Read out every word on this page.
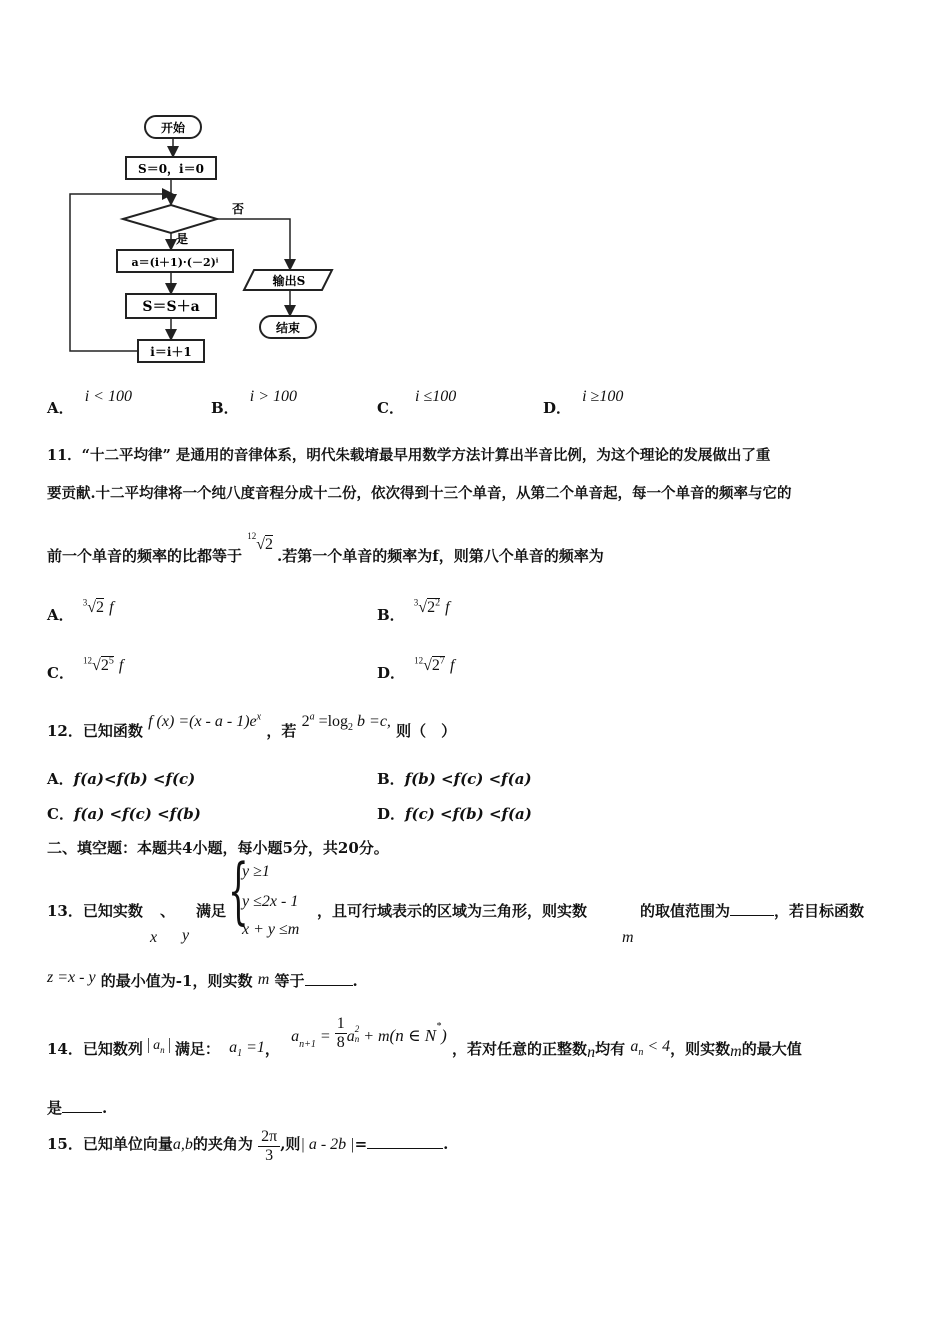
开始
S＝0，i＝0
否
是
a＝(i＋1)·(－2)ⁱ
S＝S＋a
i＝i＋1
输出S
结束
A． i < 100
B． i > 100
C． i ≤100
D． i ≥100
11．“十二平均律” 是通用的音律体系，明代朱载堉最早用数学方法计算出半音比例，为这个理论的发展做出了重
要贡献.十二平均律将一个纯八度音程分成十二份，依次得到十三个单音，从第二个单音起，每一个单音的频率与它的
前一个单音的频率的比都等于 $^{12}$√2 .若第一个单音的频率为f，则第八个单音的频率为
A． $^3$√2 f	B． $^3√2^2$ f
C． $^{12}√2^5$ f	D． $^{12}√2^7$ f
12．已知函数 f $(x) =(x - a - 1)e^x$ ，若 $2^a =\log_2$ b =c, 则（　）
A．f(a)<f(b) <f(c)	B．f(b) <f(c) <f(a)
C．f(a) <f(c) <f(b)	D．f(c) <f(b) <f(a)
二、填空题：本题共4小题，每小题5分，共20分。
13．已知实数 、 满足
x y
{
y ≥1
y ≤2x - 1
x + y ≤m
，且可行域表示的区域为三角形，则实数
m
的取值范围为	，若目标函数
z =x - y 的最小值为-1，则实数 m 等于	.
14．已知数列 $a_n$ 满足： $a_1 =1$， $a_{n+1} = \frac{1}{8}$ a 2
n + m(n ∈ N*) ，若对任意的正整数n均有 $a_n < 4$，则实数m的最大值
是	.
15．已知单位向量a,b的夹角为 $\frac{2\pi}{3}$ ,则| a - 2b |=	.
